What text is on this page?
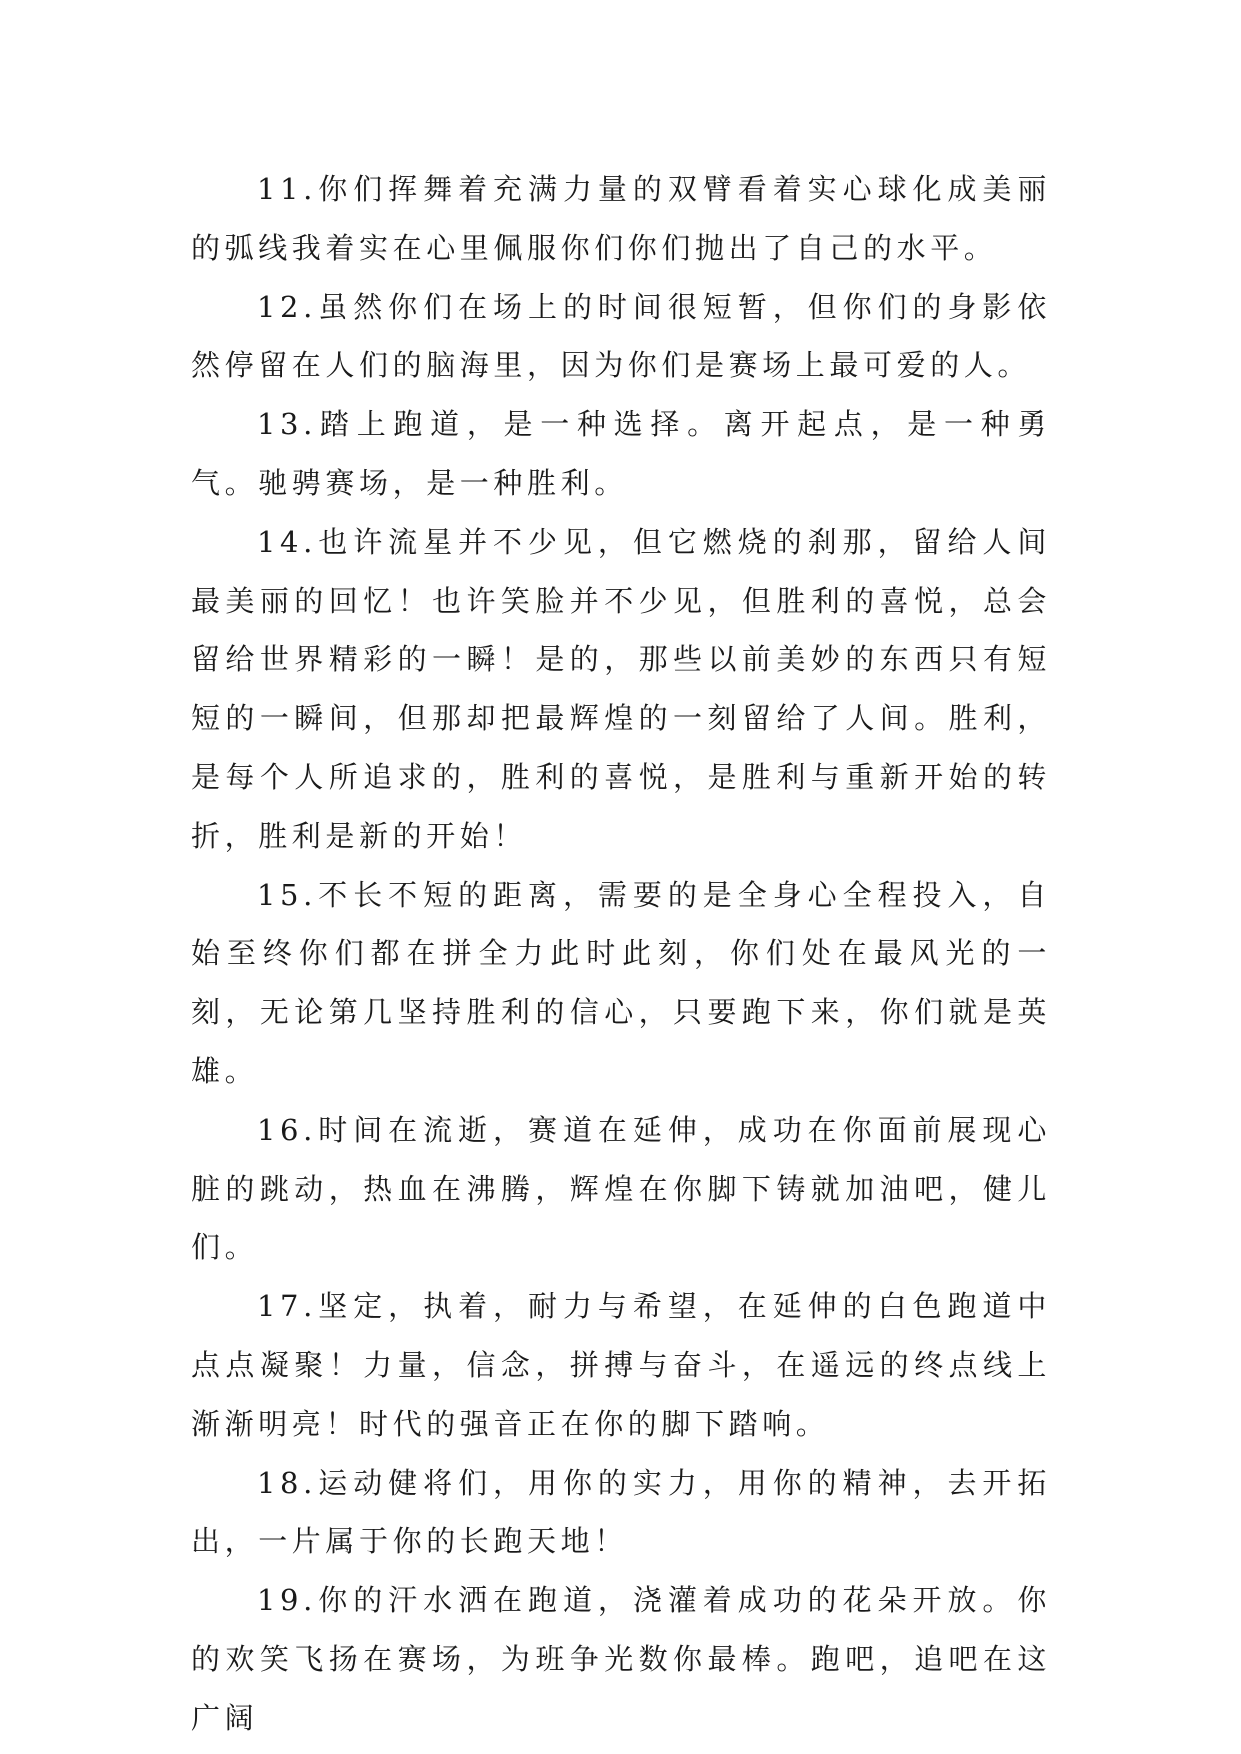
11.你们挥舞着充满力量的双臂看着实心球化成美丽的弧线我着实在心里佩服你们你们抛出了自己的水平。

12.虽然你们在场上的时间很短暂，但你们的身影依然停留在人们的脑海里，因为你们是赛场上最可爱的人。

13.踏上跑道，是一种选择。离开起点，是一种勇气。驰骋赛场，是一种胜利。

14.也许流星并不少见，但它燃烧的刹那，留给人间最美丽的回忆！也许笑脸并不少见，但胜利的喜悦，总会留给世界精彩的一瞬！是的，那些以前美妙的东西只有短短的一瞬间，但那却把最辉煌的一刻留给了人间。胜利，是每个人所追求的，胜利的喜悦，是胜利与重新开始的转折，胜利是新的开始！

15.不长不短的距离，需要的是全身心全程投入，自始至终你们都在拼全力此时此刻，你们处在最风光的一刻，无论第几坚持胜利的信心，只要跑下来，你们就是英雄。

16.时间在流逝，赛道在延伸，成功在你面前展现心脏的跳动，热血在沸腾，辉煌在你脚下铸就加油吧，健儿们。

17.坚定，执着，耐力与希望，在延伸的白色跑道中点点凝聚！力量，信念，拼搏与奋斗，在遥远的终点线上渐渐明亮！时代的强音正在你的脚下踏响。

18.运动健将们，用你的实力，用你的精神，去开拓出，一片属于你的长跑天地！

19.你的汗水洒在跑道，浇灌着成功的花朵开放。你的欢笑飞扬在赛场，为班争光数你最棒。跑吧，追吧在这广阔
